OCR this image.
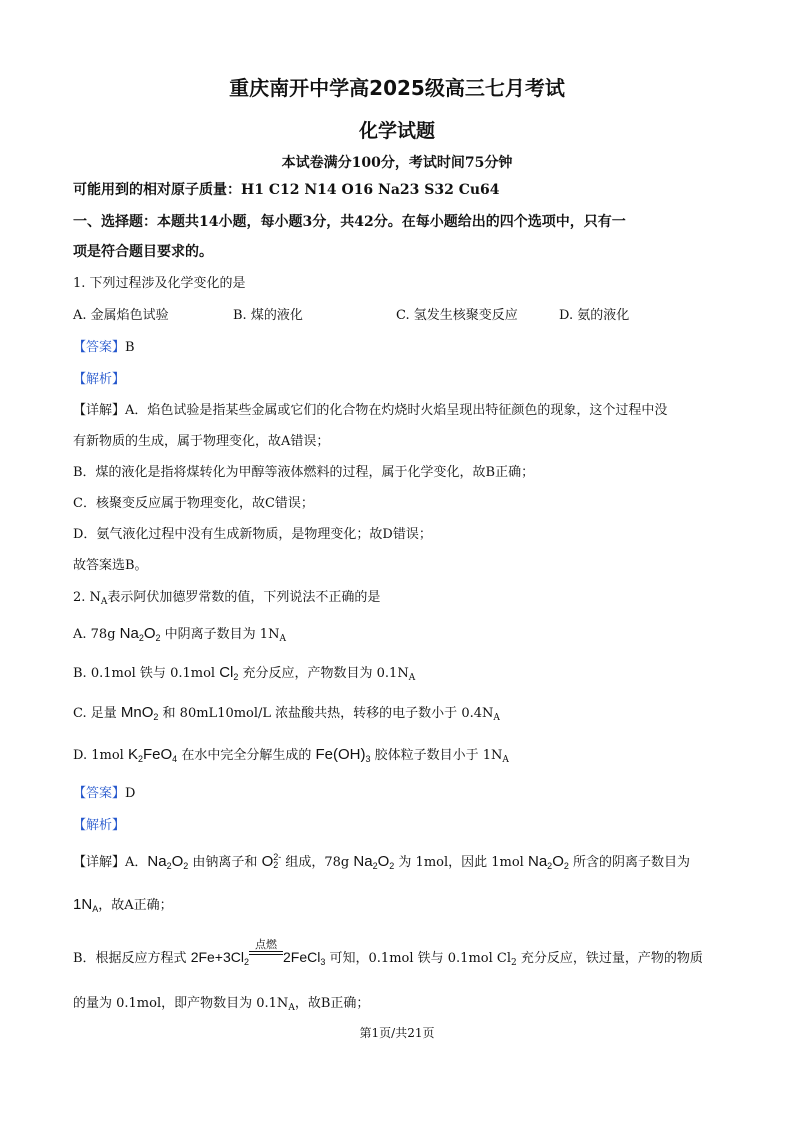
重庆南开中学高2025级高三七月考试
化学试题
本试卷满分100分，考试时间75分钟
可能用到的相对原子质量：H1 C12 N14 O16 Na23 S32 Cu64
一、选择题：本题共14小题，每小题3分，共42分。在每小题给出的四个选项中，只有一
项是符合题目要求的。
1. 下列过程涉及化学变化的是
A. 金属焰色试验	B. 煤的液化	C. 氢发生核聚变反应	D. 氨的液化
【答案】B
【解析】
【详解】A．焰色试验是指某些金属或它们的化合物在灼烧时火焰呈现出特征颜色的现象，这个过程中没
有新物质的生成，属于物理变化，故A错误；
B．煤的液化是指将煤转化为甲醇等液体燃料的过程，属于化学变化，故B正确；
C．核聚变反应属于物理变化，故C错误；
D．氨气液化过程中没有生成新物质，是物理变化；故D错误；
故答案选B。
2. $N_A$表示阿伏加德罗常数的值，下列说法不正确的是
A. 78g $Na_2O_2$ 中阴离子数目为 $1N_A$
B. 0.1mol 铁与 0.1mol $Cl_2$ 充分反应，产物数目为 $0.1N_A$
C. 足量 MnO$_2$ 和 80mL10mol/L 浓盐酸共热，转移的电子数小于 $0.4N_A$
D. 1mol $K_2FeO_4$ 在水中完全分解生成的 $Fe(OH)_3$ 胶体粒子数目小于 $1N_A$
【答案】D
【解析】
【详解】A．$Na_2O_2$ 由钠离子和 O 2-
2 组成，78g $Na_2O_2$ 为 1mol，因此 1mol $Na_2O_2$ 所含的阴离子数目为
$1N_A$，故A正确；
B．根据反应方程式 $2Fe+3Cl_2$
点燃
2FeCl$_3$ 可知，0.1mol 铁与 0.1mol $Cl_2$ 充分反应，铁过量，产物的物质
的量为 0.1mol，即产物数目为 $0.1N_A$，故B正确；
第1页/共21页
